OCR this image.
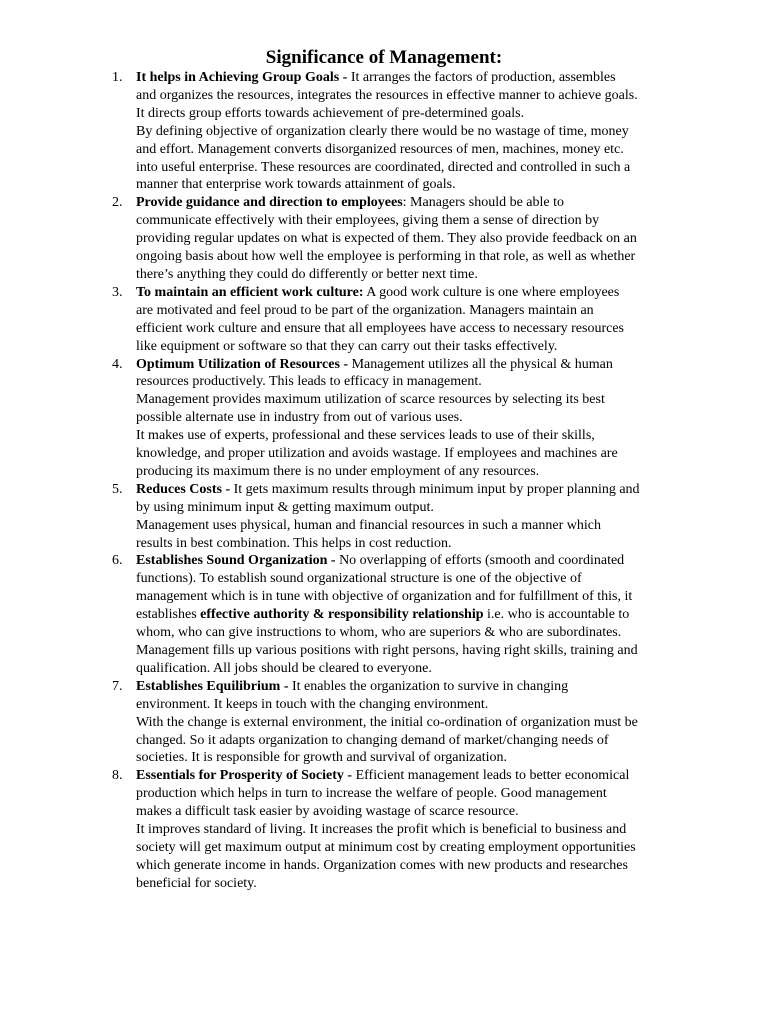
Significance of Management:
1. It helps in Achieving Group Goals - It arranges the factors of production, assembles
and organizes the resources, integrates the resources in effective manner to achieve goals.
It directs group efforts towards achievement of pre-determined goals.
By defining objective of organization clearly there would be no wastage of time, money
and effort. Management converts disorganized resources of men, machines, money etc.
into useful enterprise. These resources are coordinated, directed and controlled in such a
manner that enterprise work towards attainment of goals.
2. Provide guidance and direction to employees: Managers should be able to
communicate effectively with their employees, giving them a sense of direction by
providing regular updates on what is expected of them. They also provide feedback on an
ongoing basis about how well the employee is performing in that role, as well as whether
there’s anything they could do differently or better next time.
3. To maintain an efficient work culture: A good work culture is one where employees
are motivated and feel proud to be part of the organization. Managers maintain an
efficient work culture and ensure that all employees have access to necessary resources
like equipment or software so that they can carry out their tasks effectively.
4. Optimum Utilization of Resources - Management utilizes all the physical & human
resources productively. This leads to efficacy in management.
Management provides maximum utilization of scarce resources by selecting its best
possible alternate use in industry from out of various uses.
It makes use of experts, professional and these services leads to use of their skills,
knowledge, and proper utilization and avoids wastage. If employees and machines are
producing its maximum there is no under employment of any resources.
5. Reduces Costs - It gets maximum results through minimum input by proper planning and
by using minimum input & getting maximum output.
Management uses physical, human and financial resources in such a manner which
results in best combination. This helps in cost reduction.
6. Establishes Sound Organization - No overlapping of efforts (smooth and coordinated
functions). To establish sound organizational structure is one of the objective of
management which is in tune with objective of organization and for fulfillment of this, it
establishes effective authority & responsibility relationship i.e. who is accountable to
whom, who can give instructions to whom, who are superiors & who are subordinates.
Management fills up various positions with right persons, having right skills, training and
qualification. All jobs should be cleared to everyone.
7. Establishes Equilibrium - It enables the organization to survive in changing
environment. It keeps in touch with the changing environment.
With the change is external environment, the initial co-ordination of organization must be
changed. So it adapts organization to changing demand of market/changing needs of
societies. It is responsible for growth and survival of organization.
8. Essentials for Prosperity of Society - Efficient management leads to better economical
production which helps in turn to increase the welfare of people. Good management
makes a difficult task easier by avoiding wastage of scarce resource.
It improves standard of living. It increases the profit which is beneficial to business and
society will get maximum output at minimum cost by creating employment opportunities
which generate income in hands. Organization comes with new products and researches
beneficial for society.
